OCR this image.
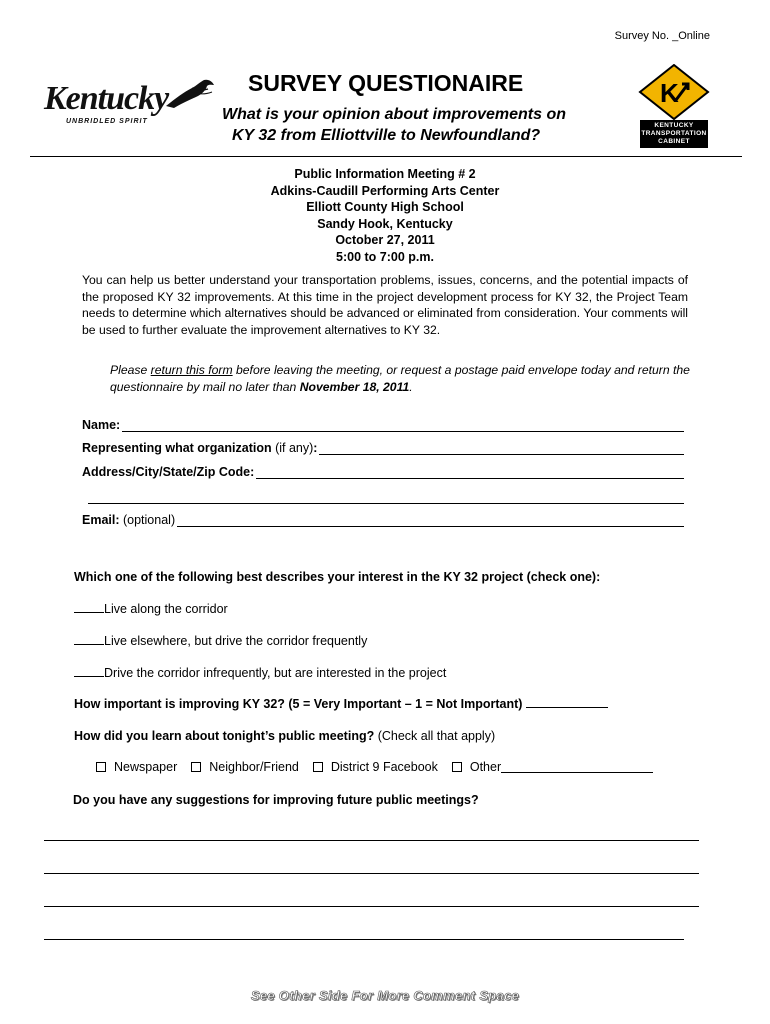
Survey No. _Online
Kentucky
UNBRIDLED SPIRIT
SURVEY QUESTIONAIRE
What is your opinion about improvements on
KY 32 from Elliottville to Newfoundland?
K
KENTUCKY
TRANSPORTATION
CABINET
Public Information Meeting # 2
Adkins-Caudill Performing Arts Center
Elliott County High School
Sandy Hook, Kentucky
October 27, 2011
5:00 to 7:00 p.m.
You can help us better understand your transportation problems, issues, concerns, and the potential impacts of the proposed KY 32 improvements. At this time in the project development process for KY 32, the Project Team needs to determine which alternatives should be advanced or eliminated from consideration. Your comments will be used to further evaluate the improvement alternatives to KY 32.
Please return this form before leaving the meeting, or request a postage paid envelope today and return the questionnaire by mail no later than November 18, 2011.
Name:
Representing what organization (if any):
Address/City/State/Zip Code:
Email: (optional)
Which one of the following best describes your interest in the KY 32 project (check one):
Live along the corridor
Live elsewhere, but drive the corridor frequently
Drive the corridor infrequently, but are interested in the project
How important is improving KY 32? (5 = Very Important – 1 = Not Important)
How did you learn about tonight’s public meeting? (Check all that apply)
Newspaper	Neighbor/Friend	District 9 Facebook	Other
Do you have any suggestions for improving future public meetings?
See Other Side For More Comment Space
